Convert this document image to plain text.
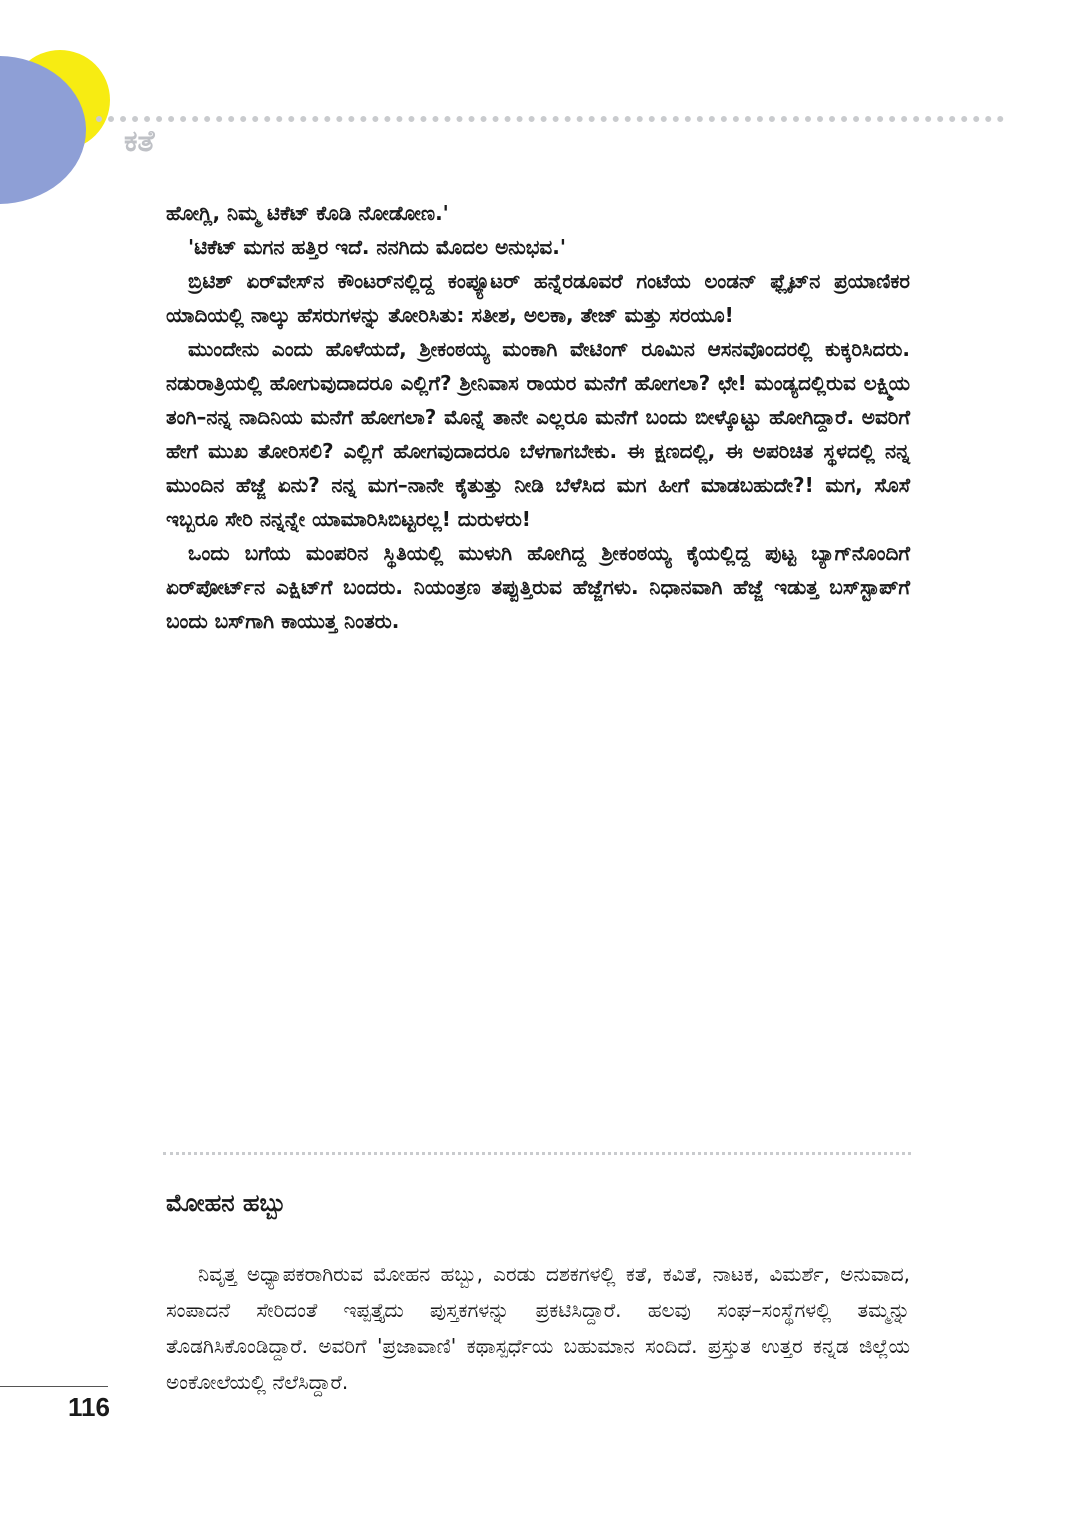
ಕತೆ

ಹೋಗ್ಲಿ, ನಿಮ್ಮ ಟಿಕೆಟ್ ಕೊಡಿ ನೋಡೋಣ.'

'ಟಿಕೆಟ್ ಮಗನ ಹತ್ತಿರ ಇದೆ. ನನಗಿದು ಮೊದಲ ಅನುಭವ.'

ಬ್ರಿಟಿಶ್ ಏರ್‌ವೇಸ್‌ನ ಕೌಂಟರ್‌ನಲ್ಲಿದ್ದ ಕಂಪ್ಯೂಟರ್ ಹನ್ನೆರಡೂವರೆ ಗಂಟೆಯ ಲಂಡನ್ ಫ್ಲೈಟ್‌ನ ಪ್ರಯಾಣಿಕರ ಯಾದಿಯಲ್ಲಿ ನಾಲ್ಕು ಹೆಸರುಗಳನ್ನು ತೋರಿಸಿತು: ಸತೀಶ, ಅಲಕಾ, ತೇಜ್ ಮತ್ತು ಸರಯೂ!

ಮುಂದೇನು ಎಂದು ಹೊಳೆಯದೆ, ಶ್ರೀಕಂಠಯ್ಯ ಮಂಕಾಗಿ ವೇಟಿಂಗ್ ರೂಮಿನ ಆಸನವೊಂದರಲ್ಲಿ ಕುಕ್ಕರಿಸಿದರು. ನಡುರಾತ್ರಿಯಲ್ಲಿ ಹೋಗುವುದಾದರೂ ಎಲ್ಲಿಗೆ? ಶ್ರೀನಿವಾಸ ರಾಯರ ಮನೆಗೆ ಹೋಗಲಾ? ಛೇ! ಮಂಡ್ಯದಲ್ಲಿರುವ ಲಕ್ಷ್ಮಿಯ ತಂಗಿ–ನನ್ನ ನಾದಿನಿಯ ಮನೆಗೆ ಹೋಗಲಾ? ಮೊನ್ನೆ ತಾನೇ ಎಲ್ಲರೂ ಮನೆಗೆ ಬಂದು ಬೀಳ್ಕೊಟ್ಟು ಹೋಗಿದ್ದಾರೆ. ಅವರಿಗೆ ಹೇಗೆ ಮುಖ ತೋರಿಸಲಿ? ಎಲ್ಲಿಗೆ ಹೋಗವುದಾದರೂ ಬೆಳಗಾಗಬೇಕು. ಈ ಕ್ಷಣದಲ್ಲಿ, ಈ ಅಪರಿಚಿತ ಸ್ಥಳದಲ್ಲಿ ನನ್ನ ಮುಂದಿನ ಹೆಜ್ಜೆ ಏನು? ನನ್ನ ಮಗ–ನಾನೇ ಕೈತುತ್ತು ನೀಡಿ ಬೆಳೆಸಿದ ಮಗ ಹೀಗೆ ಮಾಡಬಹುದೇ?! ಮಗ, ಸೊಸೆ ಇಬ್ಬರೂ ಸೇರಿ ನನ್ನನ್ನೇ ಯಾಮಾರಿಸಿಬಿಟ್ಟರಲ್ಲ! ದುರುಳರು!

ಒಂದು ಬಗೆಯ ಮಂಪರಿನ ಸ್ಥಿತಿಯಲ್ಲಿ ಮುಳುಗಿ ಹೋಗಿದ್ದ ಶ್ರೀಕಂಠಯ್ಯ ಕೈಯಲ್ಲಿದ್ದ ಪುಟ್ಟ ಬ್ಯಾಗ್‌ನೊಂದಿಗೆ ಏರ್‌ಪೋರ್ಟ್‌ನ ಎಕ್ಷಿಟ್‌ಗೆ ಬಂದರು. ನಿಯಂತ್ರಣ ತಪ್ಪುತ್ತಿರುವ ಹೆಜ್ಜೆಗಳು. ನಿಧಾನವಾಗಿ ಹೆಜ್ಜೆ ಇಡುತ್ತ ಬಸ್‌ಸ್ಟಾಪ್‌ಗೆ ಬಂದು ಬಸ್‌ಗಾಗಿ ಕಾಯುತ್ತ ನಿಂತರು.

ಮೋಹನ ಹಬ್ಬು

ನಿವೃತ್ತ ಅಧ್ಯಾಪಕರಾಗಿರುವ ಮೋಹನ ಹಬ್ಬು, ಎರಡು ದಶಕಗಳಲ್ಲಿ ಕತೆ, ಕವಿತೆ, ನಾಟಕ, ವಿಮರ್ಶೆ, ಅನುವಾದ, ಸಂಪಾದನೆ ಸೇರಿದಂತೆ ಇಪ್ಪತ್ತೈದು ಪುಸ್ತಕಗಳನ್ನು ಪ್ರಕಟಿಸಿದ್ದಾರೆ. ಹಲವು ಸಂಘ–ಸಂಸ್ಥೆಗಳಲ್ಲಿ ತಮ್ಮನ್ನು ತೊಡಗಿಸಿಕೊಂಡಿದ್ದಾರೆ. ಅವರಿಗೆ 'ಪ್ರಜಾವಾಣಿ' ಕಥಾಸ್ಪರ್ಧೆಯ ಬಹುಮಾನ ಸಂದಿದೆ. ಪ್ರಸ್ತುತ ಉತ್ತರ ಕನ್ನಡ ಜಿಲ್ಲೆಯ ಅಂಕೋಲೆಯಲ್ಲಿ ನೆಲೆಸಿದ್ದಾರೆ.

116
